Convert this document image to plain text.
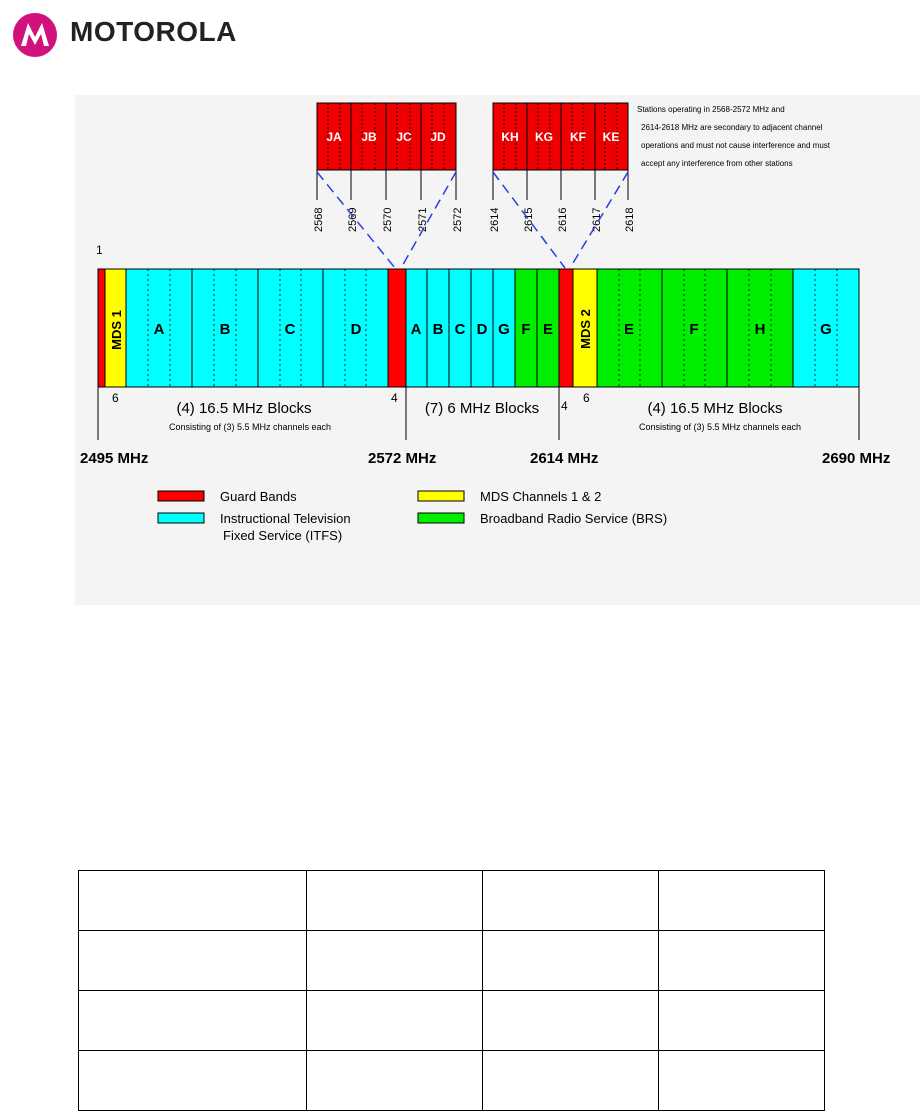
MOTOROLA
JA JB JC JD	KH KG KF KE
Stations operating in 2568-2572 MHz and
2614-2618 MHz are secondary to adjacent channel
operations and must not cause interference and must
accept any interference from other stations
2568 2569 2570 2571 2572 2614 2615 2616 2617 2618
1
MDS 1 A	B	C	D	A B C D G F E MDS 2 E	F	H	G
6	4
4
6
(4) 16.5 MHz Blocks
Consisting of (3) 5.5 MHz channels each
(7) 6 MHz Blocks	(4) 16.5 MHz Blocks
Consisting of (3) 5.5 MHz channels each
2495 MHz	2572 MHz	2614 MHz	2690 MHz
Guard Bands	MDS Channels 1 & 2
Instructional Television
Fixed Service (ITFS)
Broadband Radio Service (BRS)
